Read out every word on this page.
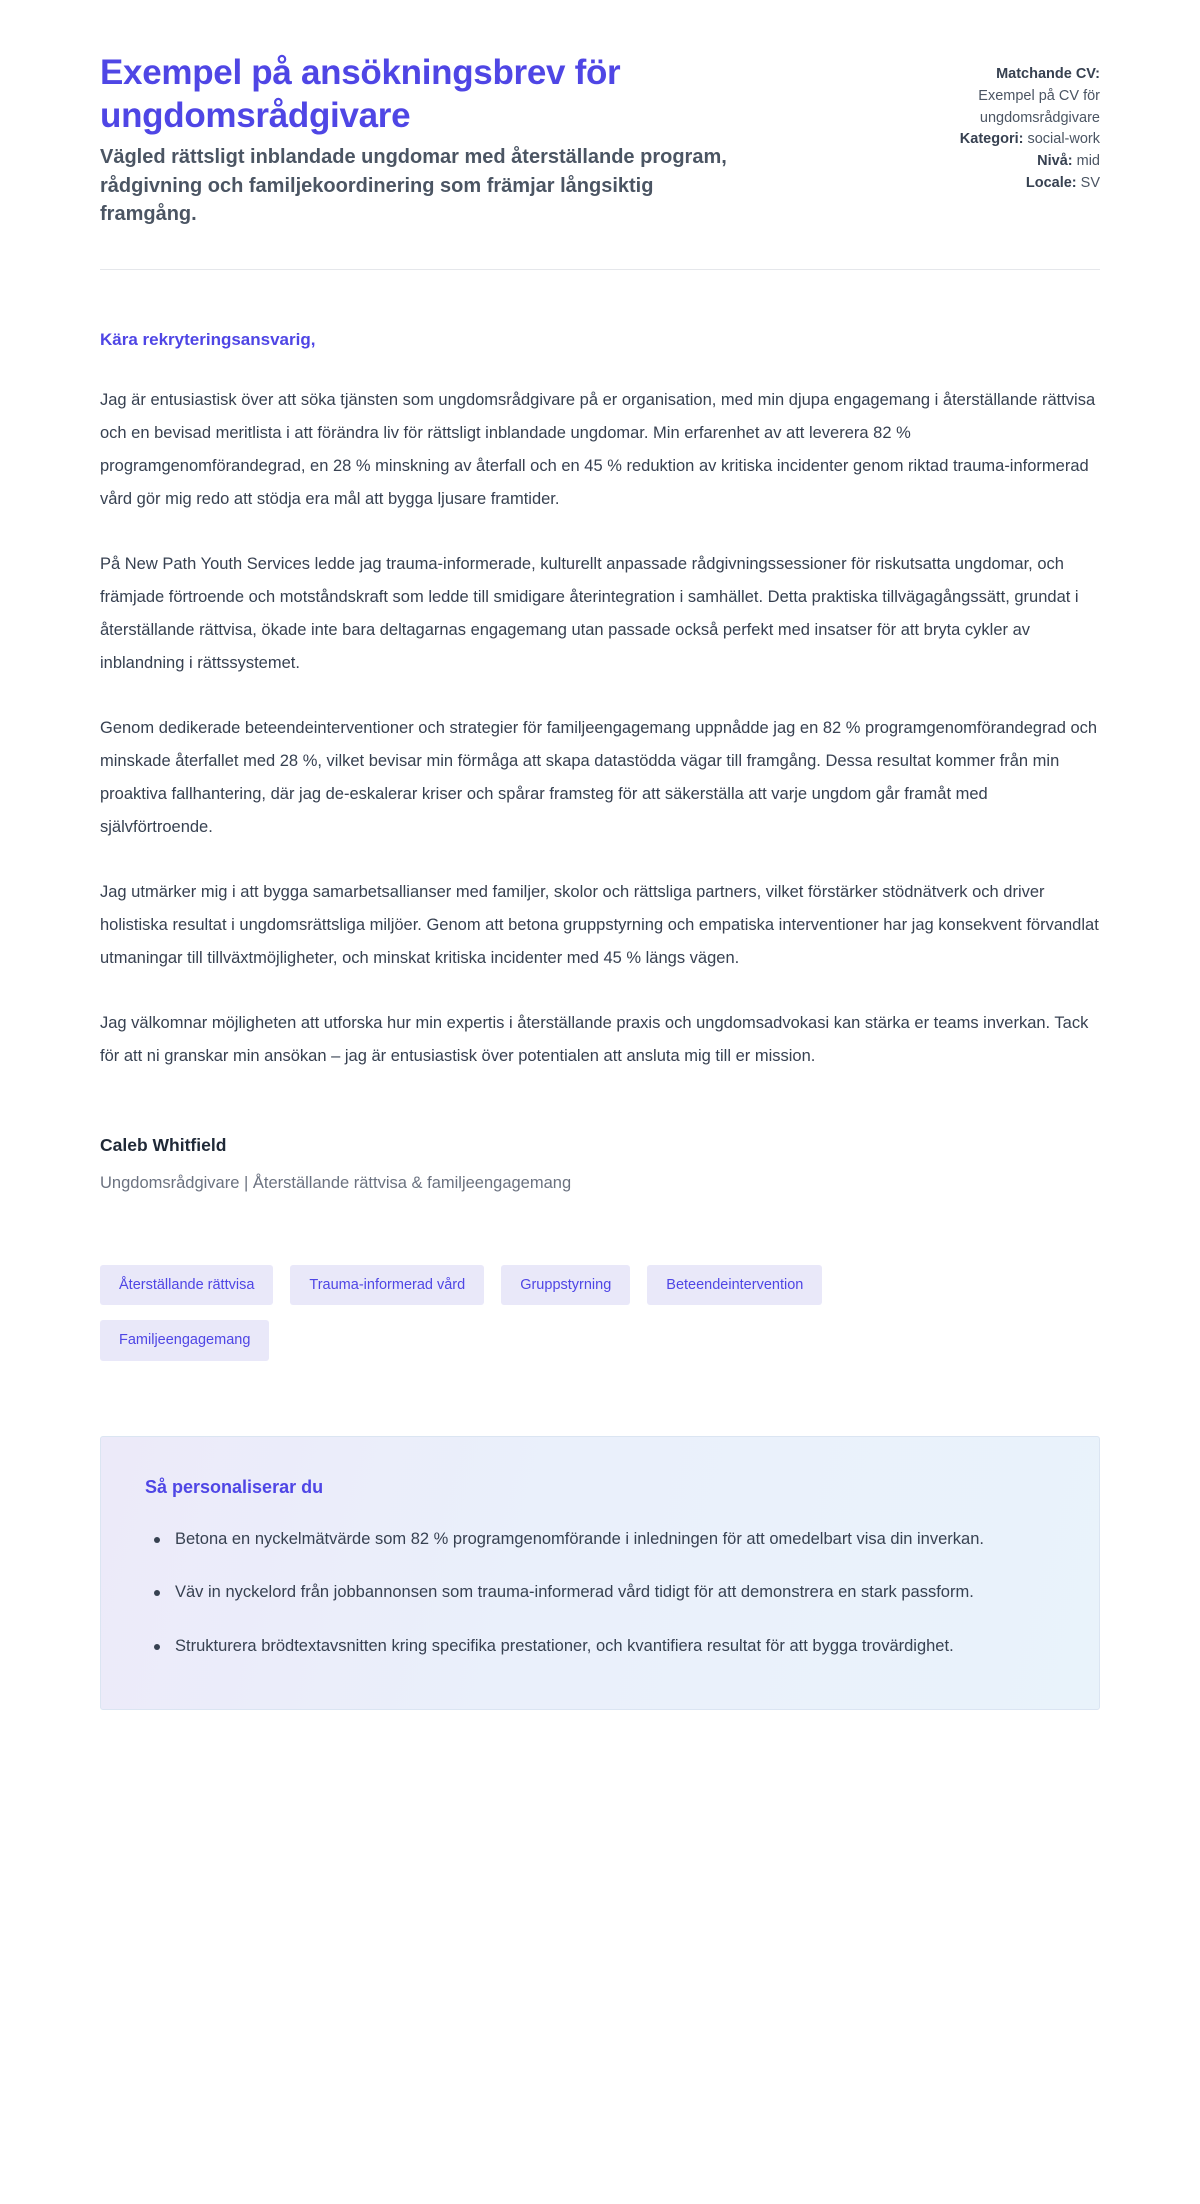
Exempel på ansökningsbrev för ungdomsrådgivare

Vägled rättsligt inblandade ungdomar med återställande program, rådgivning och familjekoordinering som främjar långsiktig framgång.

Matchande CV:

Exempel på CV för ungdomsrådgivare

Kategori: social-work

Nivå: mid

Locale: SV

Kära rekryteringsansvarig,

Jag är entusiastisk över att söka tjänsten som ungdomsrådgivare på er organisation, med min djupa engagemang i återställande rättvisa och en bevisad meritlista i att förändra liv för rättsligt inblandade ungdomar. Min erfarenhet av att leverera 82 % programgenomförandegrad, en 28 % minskning av återfall och en 45 % reduktion av kritiska incidenter genom riktad trauma-informerad vård gör mig redo att stödja era mål att bygga ljusare framtider.

På New Path Youth Services ledde jag trauma-informerade, kulturellt anpassade rådgivningssessioner för riskutsatta ungdomar, och främjade förtroende och motståndskraft som ledde till smidigare återintegration i samhället. Detta praktiska tillvägagångssätt, grundat i återställande rättvisa, ökade inte bara deltagarnas engagemang utan passade också perfekt med insatser för att bryta cykler av inblandning i rättssystemet.

Genom dedikerade beteendeinterventioner och strategier för familjeengagemang uppnådde jag en 82 % programgenomförandegrad och minskade återfallet med 28 %, vilket bevisar min förmåga att skapa datastödda vägar till framgång. Dessa resultat kommer från min proaktiva fallhantering, där jag de-eskalerar kriser och spårar framsteg för att säkerställa att varje ungdom går framåt med självförtroende.

Jag utmärker mig i att bygga samarbetsallianser med familjer, skolor och rättsliga partners, vilket förstärker stödnätverk och driver holistiska resultat i ungdomsrättsliga miljöer. Genom att betona gruppstyrning och empatiska interventioner har jag konsekvent förvandlat utmaningar till tillväxtmöjligheter, och minskat kritiska incidenter med 45 % längs vägen.

Jag välkomnar möjligheten att utforska hur min expertis i återställande praxis och ungdomsadvokasi kan stärka er teams inverkan. Tack för att ni granskar min ansökan – jag är entusiastisk över potentialen att ansluta mig till er mission.

Caleb Whitfield

Ungdomsrådgivare | Återställande rättvisa & familjeengagemang

Återställande rättvisa	Trauma-informerad vård	Gruppstyrning	Beteendeintervention
Familjeengagemang
Så personaliserar du
Betona en nyckelmätvärde som 82 % programgenomförande i inledningen för att omedelbart visa din inverkan.
Väv in nyckelord från jobbannonsen som trauma-informerad vård tidigt för att demonstrera en stark passform.
Strukturera brödtextavsnitten kring specifika prestationer, och kvantifiera resultat för att bygga trovärdighet.
